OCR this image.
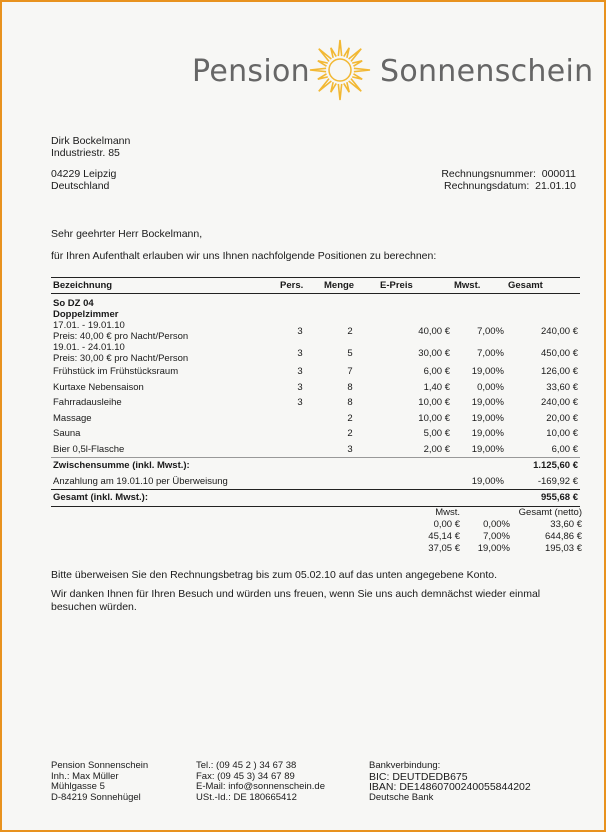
Pension Sonnenschein
Dirk Bockelmann
Industriestr. 85
04229 Leipzig
Deutschland
Rechnungsnummer: 000011
Rechnungsdatum: 21.01.10
Sehr geehrter Herr Bockelmann,
für Ihren Aufenthalt erlauben wir uns Ihnen nachfolgende Positionen zu berechnen:
Bezeichnung	Pers.	Menge	E-Preis	Mwst.	Gesamt

So DZ 04
Doppelzimmer					

17.01. - 19.01.10
Preis: 40,00 € pro Nacht/Person	3	2	40,00 €	7,00%	240,00 €

19.01. - 24.01.10
Preis: 30,00 € pro Nacht/Person	3	5	30,00 €	7,00%	450,00 €

Frühstück im Frühstücksraum	3	7	6,00 €	19,00%	126,00 €

Kurtaxe Nebensaison	3	8	1,40 €	0,00%	33,60 €

Fahrradausleihe	3	8	10,00 €	19,00%	240,00 €

Massage		2	10,00 €	19,00%	20,00 €

Sauna		2	5,00 €	19,00%	10,00 €

Bier 0,5l-Flasche		3	2,00 €	19,00%	6,00 €
Zwischensumme (inkl. Mwst.):					1.125,60 €
Anzahlung am 19.01.10 per Überweisung				19,00%	-169,92 €
Gesamt (inkl. Mwst.):					955,68 €
Mwst.		Gesamt (netto)
0,00 €	0,00%	33,60 €
45,14 €	7,00%	644,86 €
37,05 €	19,00%	195,03 €
Bitte überweisen Sie den Rechnungsbetrag bis zum 05.02.10 auf das unten angegebene Konto.
Wir danken Ihnen für Ihren Besuch und würden uns freuen, wenn Sie uns auch demnächst wieder einmal besuchen würden.
Pension Sonnenschein
Inh.: Max Müller
Mühlgasse 5
D-84219 Sonnehügel
Tel.: (09 45 2 ) 34 67 38
Fax: (09 45 3) 34 67 89
E-Mail: info@sonnenschein.de
USt.-Id.: DE 180665412
Bankverbindung:
BIC: DEUTDEDB675
IBAN: DE14860700240055844202
Deutsche Bank
